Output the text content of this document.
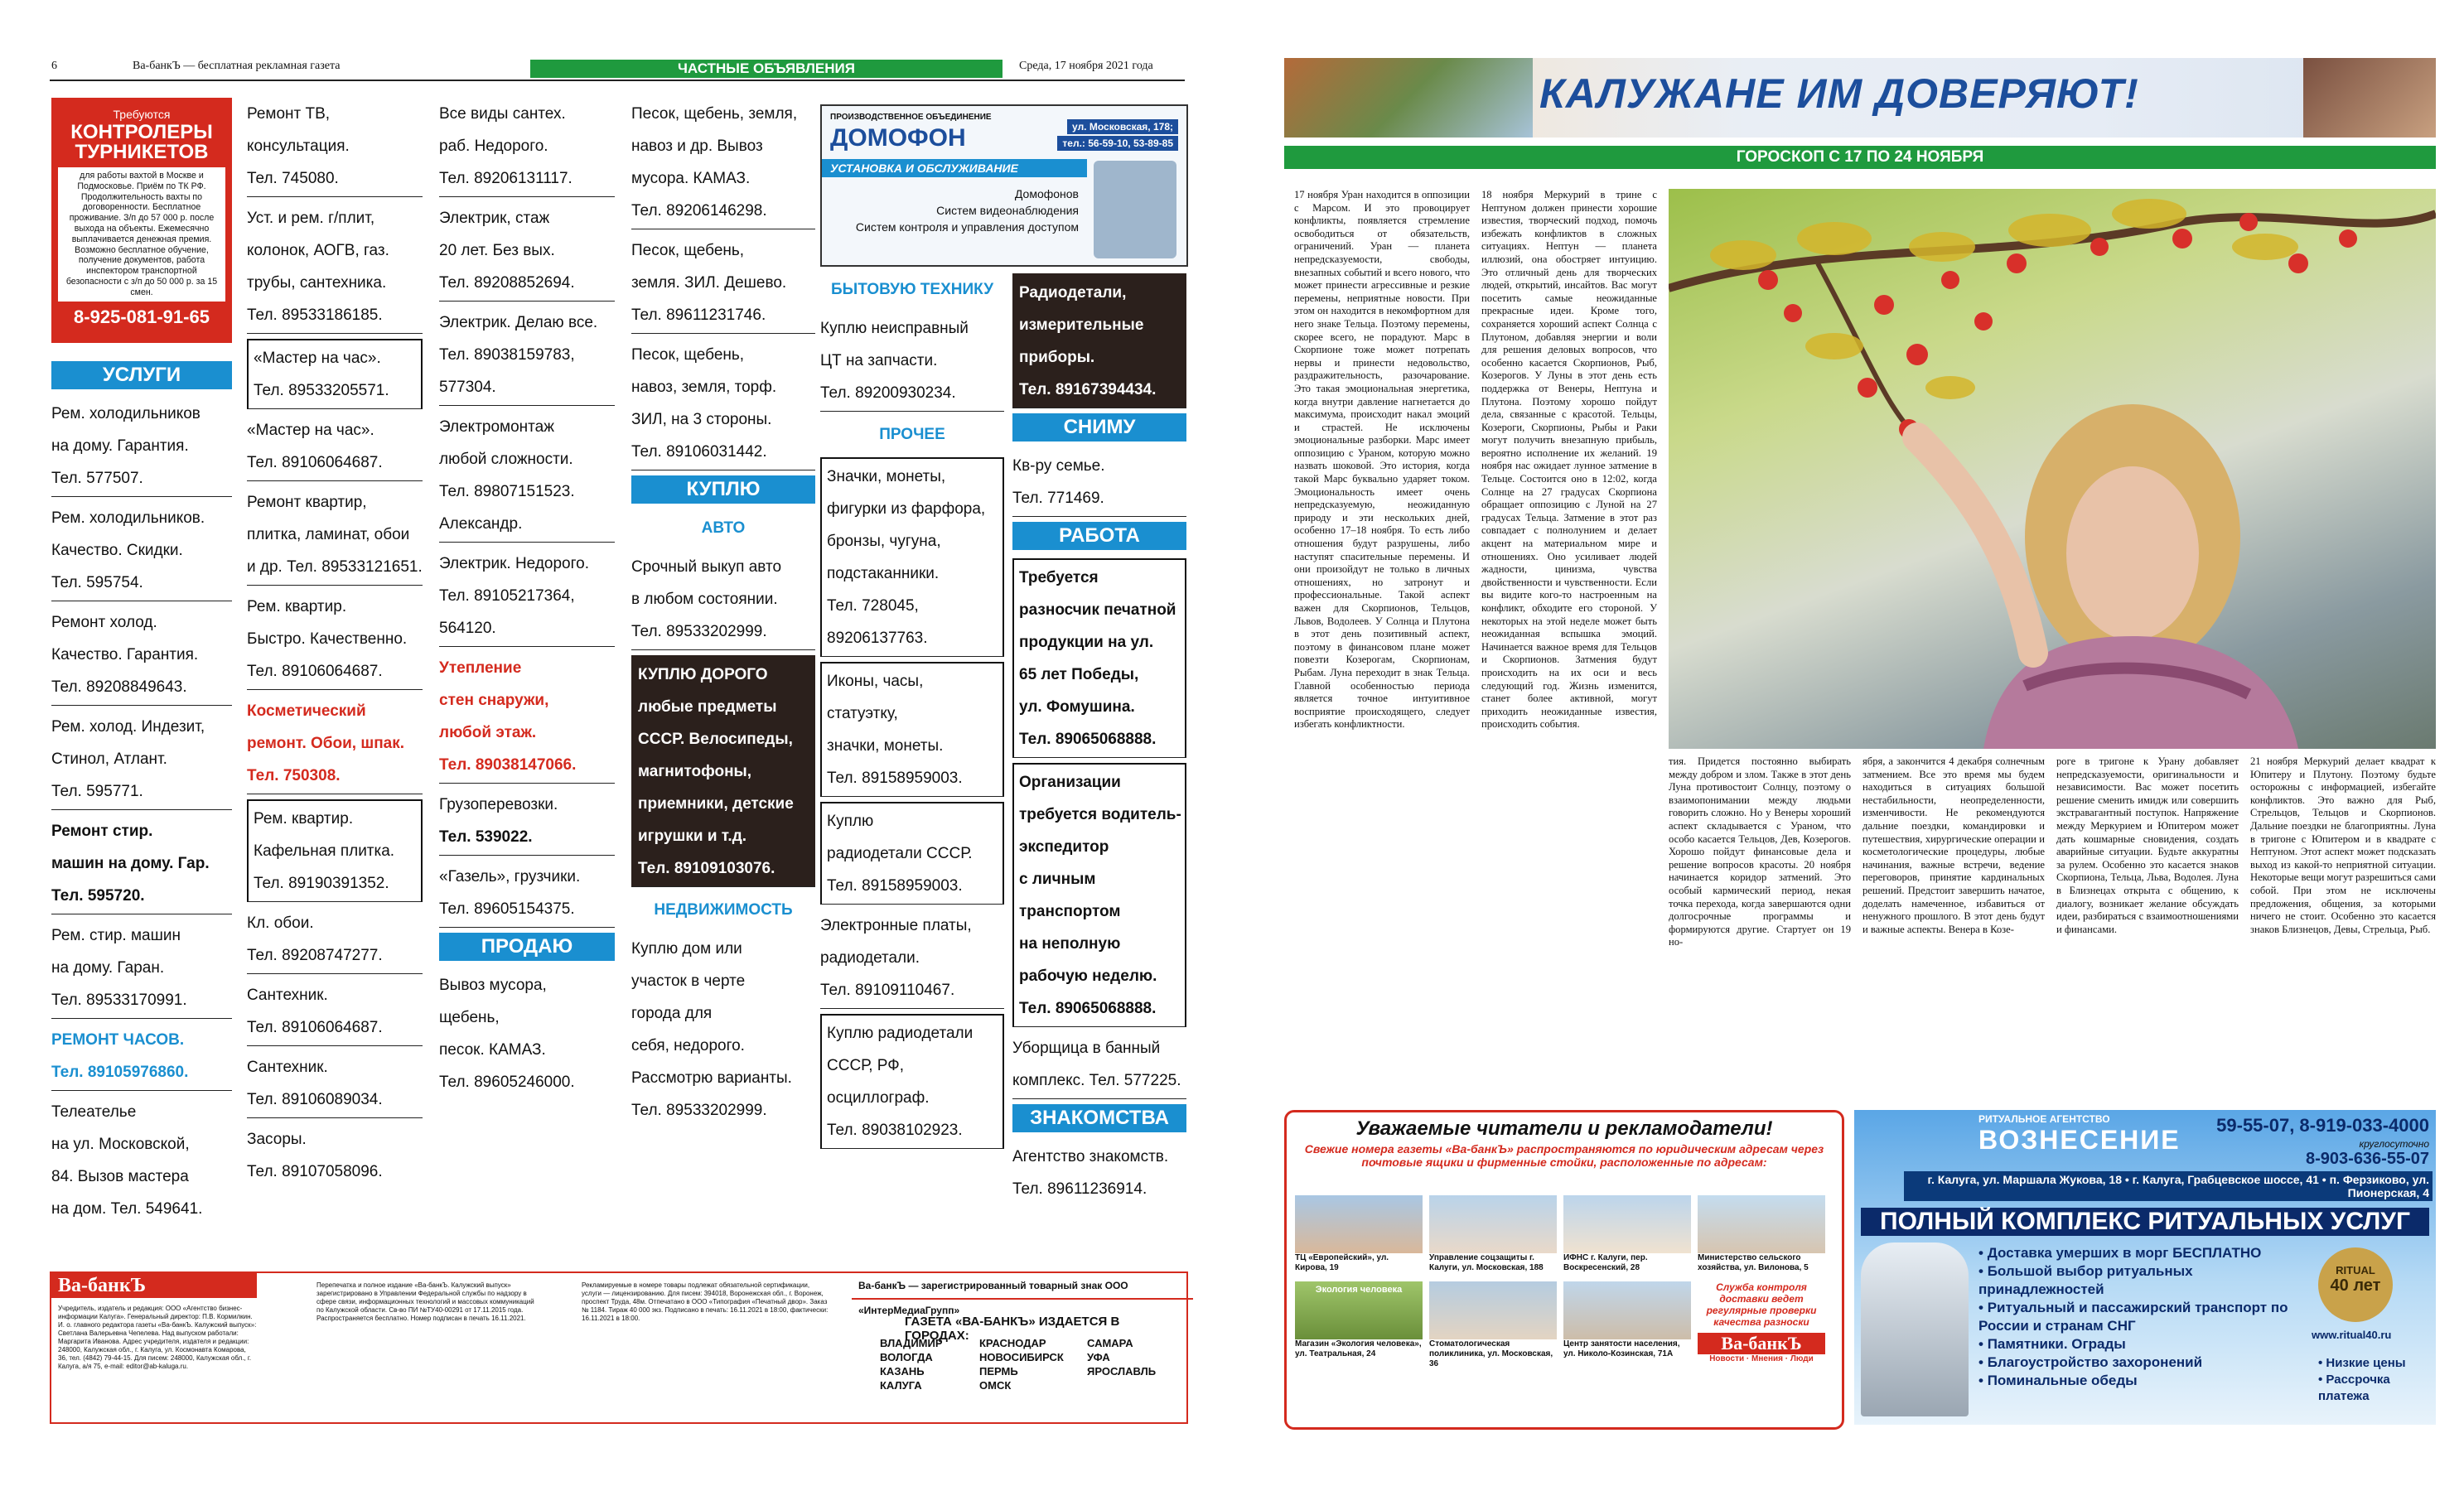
6	Ва-банкЪ — бесплатная рекламная газета	ЧАСТНЫЕ ОБЪЯВЛЕНИЯ	Среда, 17 ноября 2021 года
Требуются
КОНТРОЛЕРЫ ТУРНИКЕТОВ
для работы вахтой в Москве и Подмосковье. Приём по ТК РФ. Продолжительность вахты по договоренности. Бесплатное проживание. З/п до 57 000 р. после выхода на объекты. Ежемесячно выплачивается денежная премия. Возможно бесплатное обучение, получение документов, работа инспектором транспортной безопасности с з/п до 50 000 р. за 15 смен.
8-925-081-91-65
УСЛУГИ
Рем. холодильников
на дому. Гарантия.
Тел. 577507.
Рем. холодильников.
Качество. Скидки.
Тел. 595754.
Ремонт холод.
Качество. Гарантия.
Тел. 89208849643.
Рем. холод. Индезит,
Стинол, Атлант.
Тел. 595771.
Ремонт стир.
машин на дому. Гар.
Тел. 595720.
Рем. стир. машин
на дому. Гаран.
Тел. 89533170991.
РЕМОНТ ЧАСОВ.
Тел. 89105976860.
Телеателье
на ул. Московской,
84. Вызов мастера
на дом. Тел. 549641.
Ремонт ТВ,
консультация.
Тел. 745080.
Уст. и рем. г/плит,
колонок, АОГВ, газ.
трубы, сантехника.
Тел. 89533186185.
«Мастер на час».
Тел. 89533205571.
«Мастер на час».
Тел. 89106064687.
Ремонт квартир,
плитка, ламинат, обои
и др. Тел. 89533121651.
Рем. квартир.
Быстро. Качественно.
Тел. 89106064687.
Косметический
ремонт. Обои, шпак.
Тел. 750308.
Рем. квартир.
Кафельная плитка.
Тел. 89190391352.
Кл. обои.
Тел. 89208747277.
Сантехник.
Тел. 89106064687.
Сантехник.
Тел. 89106089034.
Засоры.
Тел. 89107058096.
Все виды сантех.
раб. Недорого.
Тел. 89206131117.
Электрик, стаж
20 лет. Без вых.
Тел. 89208852694.
Электрик. Делаю все.
Тел. 89038159783,
577304.
Электромонтаж
любой сложности.
Тел. 89807151523.
Александр.
Электрик. Недорого.
Тел. 89105217364,
564120.
Утепление
стен снаружи,
любой этаж.
Тел. 89038147066.
Грузоперевозки.
Тел. 539022.
«Газель», грузчики.
Тел. 89605154375.
ПРОДАЮ
Вывоз мусора,
щебень,
песок. КАМАЗ.
Тел. 89605246000.
Песок, щебень, земля,
навоз и др. Вывоз
мусора. КАМАЗ.
Тел. 89206146298.
Песок, щебень,
земля. ЗИЛ. Дешево.
Тел. 89611231746.
Песок, щебень,
навоз, земля, торф.
ЗИЛ, на 3 стороны.
Тел. 89106031442.
КУПЛЮ
АВТО
Срочный выкуп авто
в любом состоянии.
Тел. 89533202999.
КУПЛЮ ДОРОГО
любые предметы
СССР. Велосипеды,
магнитофоны,
приемники, детские
игрушки и т.д.
Тел. 89109103076.
НЕДВИЖИМОСТЬ
Куплю дом или
участок в черте
города для
себя, недорого.
Рассмотрю варианты.
Тел. 89533202999.
ПРОИЗВОДСТВЕННОЕ ОБЪЕДИНЕНИЕ
ДОМОФОН	ул. Московская, 178;
тел.: 56-59-10, 53-89-85
УСТАНОВКА И ОБСЛУЖИВАНИЕ
Домофонов
Систем видеонаблюдения
Систем контроля и управления доступом
БЫТОВУЮ ТЕХНИКУ
Куплю неисправный
ЦТ на запчасти.
Тел. 89200930234.
ПРОЧЕЕ
Значки, монеты,
фигурки из фарфора,
бронзы, чугуна,
подстаканники.
Тел. 728045,
89206137763.
Иконы, часы,
статуэтку,
значки, монеты.
Тел. 89158959003.
Куплю
радиодетали СССР.
Тел. 89158959003.
Электронные платы,
радиодетали.
Тел. 89109110467.
Куплю радиодетали
СССР, РФ,
осциллограф.
Тел. 89038102923.
Радиодетали,
измерительные
приборы.
Тел. 89167394434.
СНИМУ
Кв-ру семье.
Тел. 771469.
РАБОТА
Требуется
разносчик печатной
продукции на ул.
65 лет Победы,
ул. Фомушина.
Тел. 89065068888.
Организации
требуется водитель-
экспедитор
с личным
транспортом
на неполную
рабочую неделю.
Тел. 89065068888.
Уборщица в банный
комплекс. Тел. 577225.
ЗНАКОМСТВА
Агентство знакомств.
Тел. 89611236914.
Ва-банкЪ
Учредитель, издатель и редакция: ООО «Агентство бизнес-информации Калуга». Генеральный директор: П.В. Кормилкин. И. о. главного редактора газеты «Ва-банкЪ. Калужский выпуск»: Светлана Валерьевна Чепелева. Над выпуском работали: Маргарита Иванова. Адрес учредителя, издателя и редакции: 248000, Калужская обл., г. Калуга, ул. Космонавта Комарова, 36, тел. (4842) 79-44-15. Для писем: 248000, Калужская обл., г. Калуга, а/я 75, e-mail: editor@ab-kaluga.ru.
Перепечатка и полное издание «Ва-банкЪ. Калужский выпуск» зарегистрировано в Управлении Федеральной службы по надзору в сфере связи, информационных технологий и массовых коммуникаций по Калужской области. Св-во ПИ №ТУ40-00291 от 17.11.2015 года. Распространяется бесплатно. Номер подписан в печать 16.11.2021.
Рекламируемые в номере товары подлежат обязательной сертификации, услуги — лицензированию. Для писем: 394018, Воронежская обл., г. Воронеж, проспект Труда, 48м. Отпечатано в ООО «Типография «Печатный двор». Заказ № 1184. Тираж 40 000 экз. Подписано в печать: 16.11.2021 в 18:00, фактически: 16.11.2021 в 18:00.
Ва-банкЪ — зарегистрированный товарный знак ООО «ИнтерМедиаГрупп»
ГАЗЕТА «ВА-БАНКЪ» ИЗДАЕТСЯ В ГОРОДАХ:
ВЛАДИМИР
ВОЛОГДА
КАЗАНЬ
КАЛУГА
КРАСНОДАР
НОВОСИБИРСК
ПЕРМЬ
ОМСК
САМАРА
УФА
ЯРОСЛАВЛЬ
КАЛУЖАНЕ ИМ ДОВЕРЯЮТ!
ГОРОСКОП С 17 ПО 24 НОЯБРЯ
17 ноября Уран находится в оппозиции с Марсом. И это провоцирует конфликты, появляется стремление освободиться от обязательств, ограничений. Уран — планета непредсказуемости, свободы, внезапных событий и всего нового, что может принести агрессивные и резкие перемены, неприятные новости. При этом он находится в некомфортном для него знаке Тельца. Поэтому перемены, скорее всего, не порадуют. Марс в Скорпионе тоже может потрепать нервы и принести недовольство, раздражительность, разочарование. Это такая эмоциональная энергетика, когда внутри давление нагнетается до максимума, происходит накал эмоций и страстей. Не исключены эмоциональные разборки. Марс имеет оппозицию с Ураном, которую можно назвать шоковой. Это история, когда такой Марс буквально ударяет током. Эмоциональность имеет очень непредсказуемую, неожиданную природу и эти нескольких дней, особенно 17–18 ноября. То есть либо отношения будут разрушены, либо наступят спасительные перемены. И они произойдут не только в личных отношениях, но затронут и профессиональные. Такой аспект важен для Скорпионов, Тельцов, Львов, Водолеев. У Солнца и Плутона в этот день позитивный аспект, поэтому в финансовом плане может повезти Козерогам, Скорпионам, Рыбам. Луна переходит в знак Тельца. Главной особенностью периода является точное интуитивное восприятие происходящего, следует избегать конфликтности.
18 ноября Меркурий в трине с Нептуном должен принести хорошие известия, творческий подход, помочь избежать конфликтов в сложных ситуациях. Нептун — планета иллюзий, она обостряет интуицию. Это отличный день для творческих людей, открытий, инсайтов. Вас могут посетить самые неожиданные прекрасные идеи. Кроме того, сохраняется хороший аспект Солнца с Плутоном, добавляя энергии и воли для решения деловых вопросов, что особенно касается Скорпионов, Рыб, Козерогов. У Луны в этот день есть поддержка от Венеры, Нептуна и Плутона. Поэтому хорошо пойдут дела, связанные с красотой. Тельцы, Козероги, Скорпионы, Рыбы и Раки могут получить внезапную прибыль, вероятно исполнение их желаний. 19 ноября нас ожидает лунное затмение в Тельце. Состоится оно в 12:02, когда Солнце на 27 градусах Скорпиона обращает оппозицию с Луной на 27 градусах Тельца. Затмение в этот раз совпадает с полнолунием и делает акцент на материальном мире и отношениях. Оно усиливает людей жадности, цинизма, чувства двойственности и чувственности. Если вы видите кого-то настроенным на конфликт, обходите его стороной. У некоторых на этой неделе может быть неожиданная вспышка эмоций. Начинается важное время для Тельцов и Скорпионов. Затмения будут происходить на их оси и весь следующий год. Жизнь изменится, станет более активной, могут приходить неожиданные известия, происходить события.
тия. Придется постоянно выбирать между добром и злом. Также в этот день Луна противостоит Солнцу, поэтому о взаимопонимании между людьми говорить сложно. Но у Венеры хороший аспект складывается с Ураном, что особо касается Тельцов, Дев, Козерогов. Хорошо пойдут финансовые дела и решение вопросов красоты. 20 ноября начинается коридор затмений. Это особый кармический период, некая точка перехода, когда завершаются одни долгосрочные программы и формируются другие. Стартует он 19 но-
ября, а закончится 4 декабря солнечным затмением. Все это время мы будем находиться в ситуациях большой нестабильности, неопределенности, изменчивости. Не рекомендуются дальние поездки, командировки и путешествия, хирургические операции и косметологические процедуры, любые начинания, важные встречи, ведение переговоров, принятие кардинальных решений. Предстоит завершить начатое, доделать намеченное, избавиться от ненужного прошлого. В этот день будут и важные аспекты. Венера в Козе-
роге в тригоне к Урану добавляет непредсказуемости, оригинальности и независимости. Вас может посетить решение сменить имидж или совершить экстравагантный поступок. Напряжение между Меркурием и Юпитером может дать кошмарные сновидения, создать аварийные ситуации. Будьте аккуратны за рулем. Особенно это касается знаков Скорпиона, Тельца, Льва, Водолея. Луна в Близнецах открыта с общению, к диалогу, возникает желание обсуждать идеи, разбираться с взаимоотношениями и финансами.
21 ноября Меркурий делает квадрат к Юпитеру и Плутону. Поэтому будьте осторожны с информацией, избегайте конфликтов. Это важно для Рыб, Стрельцов, Тельцов и Скорпионов. Дальние поездки не благоприятны. Луна в тригоне с Юпитером и в квадрате с Нептуном. Этот аспект может подсказать выход из какой-то неприятной ситуации. Некоторые вещи могут разрешиться сами собой. При этом не исключены предложения, общения, за которыми ничего не стоит. Особенно это касается знаков Близнецов, Девы, Стрельца, Рыб.
Уважаемые читатели и рекламодатели!
Свежие номера газеты «Ва-банкЪ» распространяются по юридическим адресам через почтовые ящики и фирменные стойки, расположенные по адресам:
ТЦ «Европейский», ул. Кирова, 19
Управление соцзащиты г. Калуги, ул. Московская, 188
ИФНС г. Калуги, пер. Воскресенский, 28
Министерство сельского хозяйства, ул. Вилонова, 5
Экология человека
Магазин «Экология человека», ул. Театральная, 24
Стоматологическая поликлиника, ул. Московская, 36
Центр занятости населения, ул. Николо-Козинская, 71А
Служба контроля доставки ведет регулярные проверки качества разноски
Ва-банкЪ
Новости · Мнения · Люди
РИТУАЛЬНОЕ АГЕНТСТВО
ВОЗНЕСЕНИЕ 59-55-07, 8-919-033-4000
круглосуточно
8-903-636-55-07
г. Калуга, ул. Маршала Жукова, 18 • г. Калуга, Грабцевское шоссе, 41 • п. Ферзиково, ул. Пионерская, 4
ПОЛНЫЙ КОМПЛЕКС РИТУАЛЬНЫХ УСЛУГ
• Доставка умерших в морг БЕСПЛАТНО
• Большой выбор ритуальных принадлежностей
• Ритуальный и пассажирский транспорт по России и странам СНГ
• Памятники. Ограды
• Благоустройство захоронений
• Поминальные обеды
RITUAL
40 лет
www.ritual40.ru
• Низкие цены
• Рассрочка платежа
